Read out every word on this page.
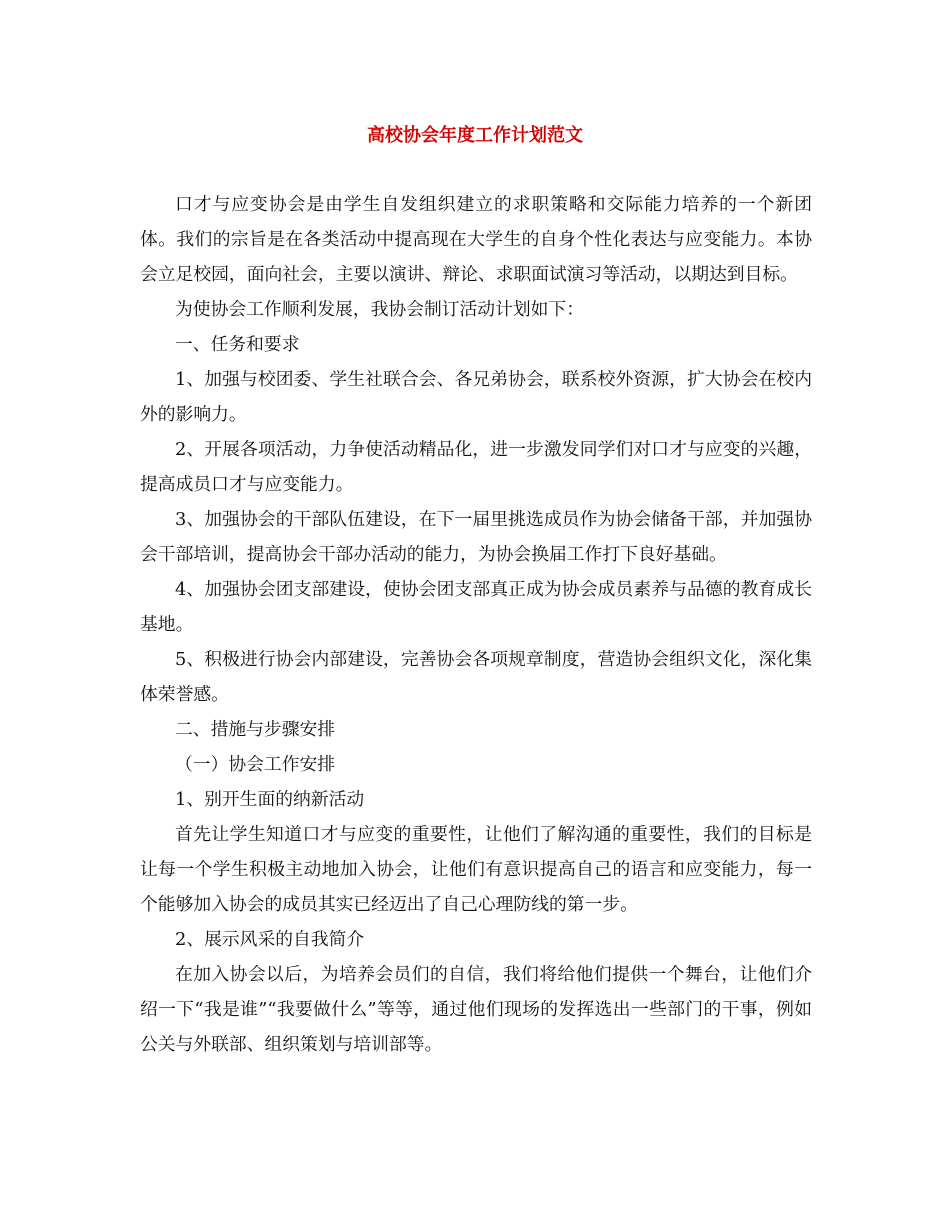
高校协会年度工作计划范文

口才与应变协会是由学生自发组织建立的求职策略和交际能力培养的一个新团体。我们的宗旨是在各类活动中提高现在大学生的自身个性化表达与应变能力。本协会立足校园，面向社会，主要以演讲、辩论、求职面试演习等活动，以期达到目标。

为使协会工作顺利发展，我协会制订活动计划如下：

一、任务和要求

1、加强与校团委、学生社联合会、各兄弟协会，联系校外资源，扩大协会在校内外的影响力。

2、开展各项活动，力争使活动精品化，进一步激发同学们对口才与应变的兴趣，提高成员口才与应变能力。

3、加强协会的干部队伍建设，在下一届里挑选成员作为协会储备干部，并加强协会干部培训，提高协会干部办活动的能力，为协会换届工作打下良好基础。

4、加强协会团支部建设，使协会团支部真正成为协会成员素养与品德的教育成长基地。

5、积极进行协会内部建设，完善协会各项规章制度，营造协会组织文化，深化集体荣誉感。

二、措施与步骤安排

（一）协会工作安排

1、别开生面的纳新活动

首先让学生知道口才与应变的重要性，让他们了解沟通的重要性，我们的目标是让每一个学生积极主动地加入协会，让他们有意识提高自己的语言和应变能力，每一个能够加入协会的成员其实已经迈出了自己心理防线的第一步。

2、展示风采的自我简介

在加入协会以后，为培养会员们的自信，我们将给他们提供一个舞台，让他们介绍一下“我是谁”“我要做什么”等等，通过他们现场的发挥选出一些部门的干事，例如公关与外联部、组织策划与培训部等。
